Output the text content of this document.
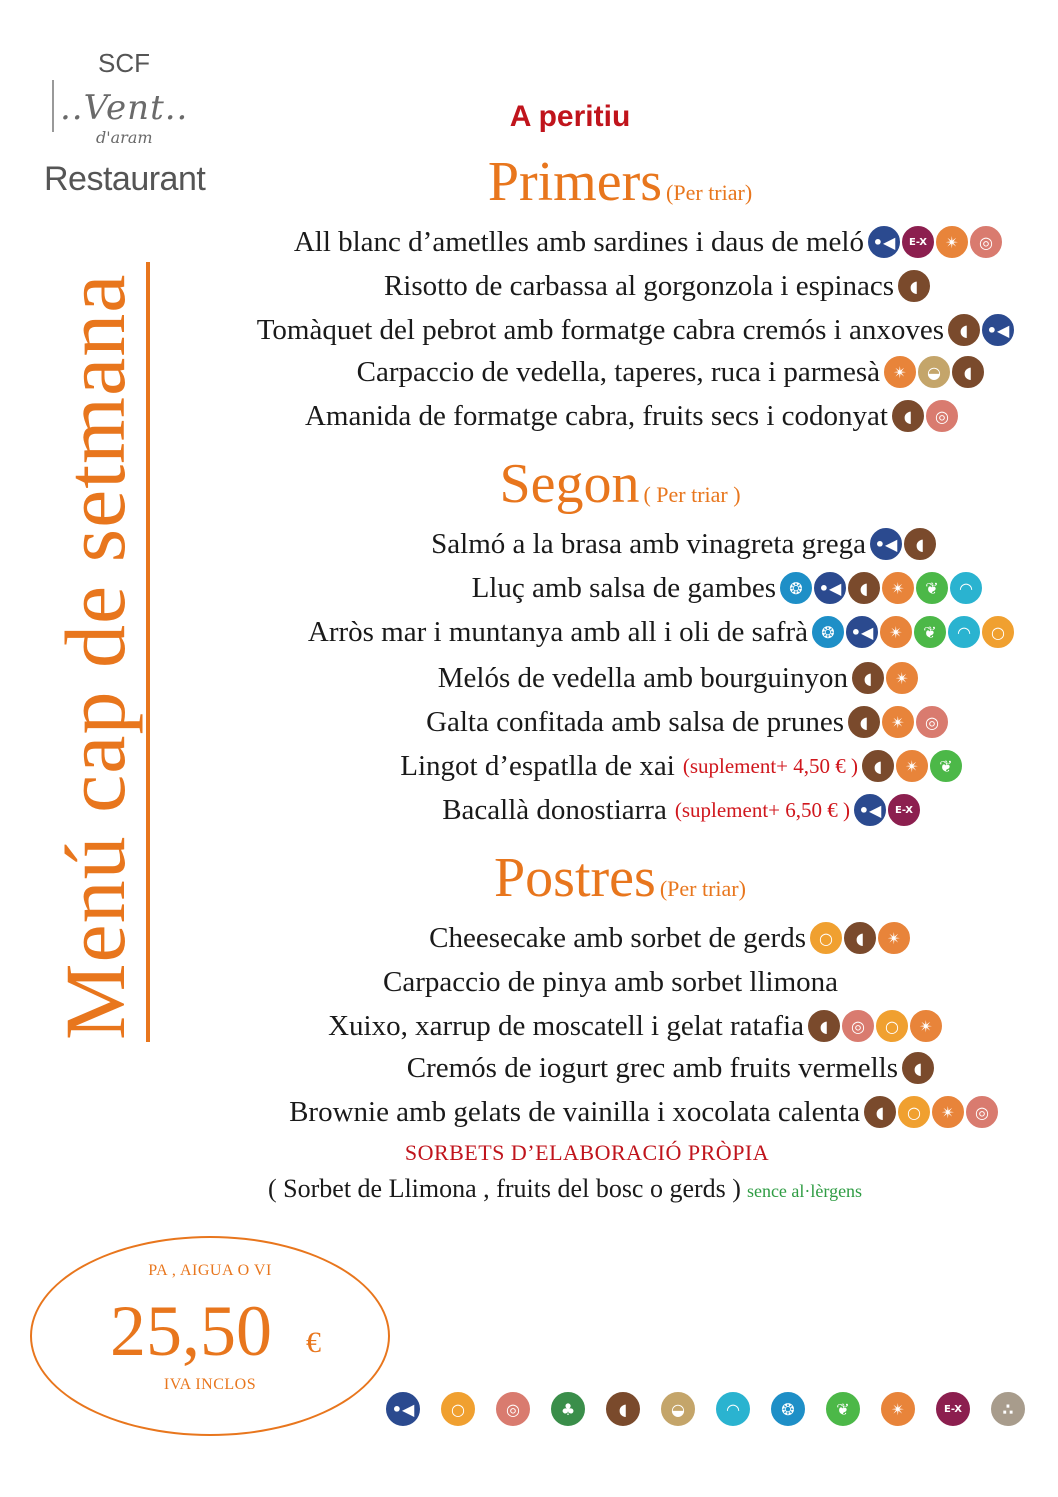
SCF
..Vent..
d'aram
Restaurant
Menú cap de setmana
A peritiu
Primers (Per triar)
Segon ( Per triar )
Postres (Per triar)
All blanc d’ametlles amb sardines i daus de meló •◀	E-X	✴	◎
Risotto de carbassa al gorgonzola i espinacs ◖
Tomàquet del pebrot amb formatge cabra cremós i anxoves ◖	•◀
Carpaccio de vedella, taperes, ruca i parmesà ✴	◒	◖
Amanida de formatge cabra, fruits secs i codonyat ◖	◎
Salmó a la brasa amb vinagreta grega •◀	◖
Lluç amb salsa de gambes ❂	•◀	◖	✴	❦	◠
Arròs mar i muntanya amb all i oli de safrà ❂	•◀	✴	❦	◠	○
Melós de vedella amb bourguinyon ◖	✴
Galta confitada amb salsa de prunes ◖	✴	◎
Lingot d’espatlla de xai (suplement+ 4,50 € ) ◖	✴	❦
Bacallà donostiarra (suplement+ 6,50 € ) •◀	E-X
Cheesecake amb sorbet de gerds ○	◖	✴
Carpaccio de pinya amb sorbet llimona
Xuixo, xarrup de moscatell i gelat ratafia ◖	◎	○	✴
Cremós de iogurt grec amb fruits vermells ◖
Brownie amb gelats de vainilla i xocolata calenta ◖	○	✴	◎
SORBETS D’ELABORACIÓ PRÒPIA
( Sorbet de Llimona , fruits del bosc o gerds ) sence al·lèrgens
PA , AIGUA O VI
25,50 €
IVA INCLOS
•◀	○	◎	♣	◖	◒	◠	❂	❦	✴	E-X	∴
